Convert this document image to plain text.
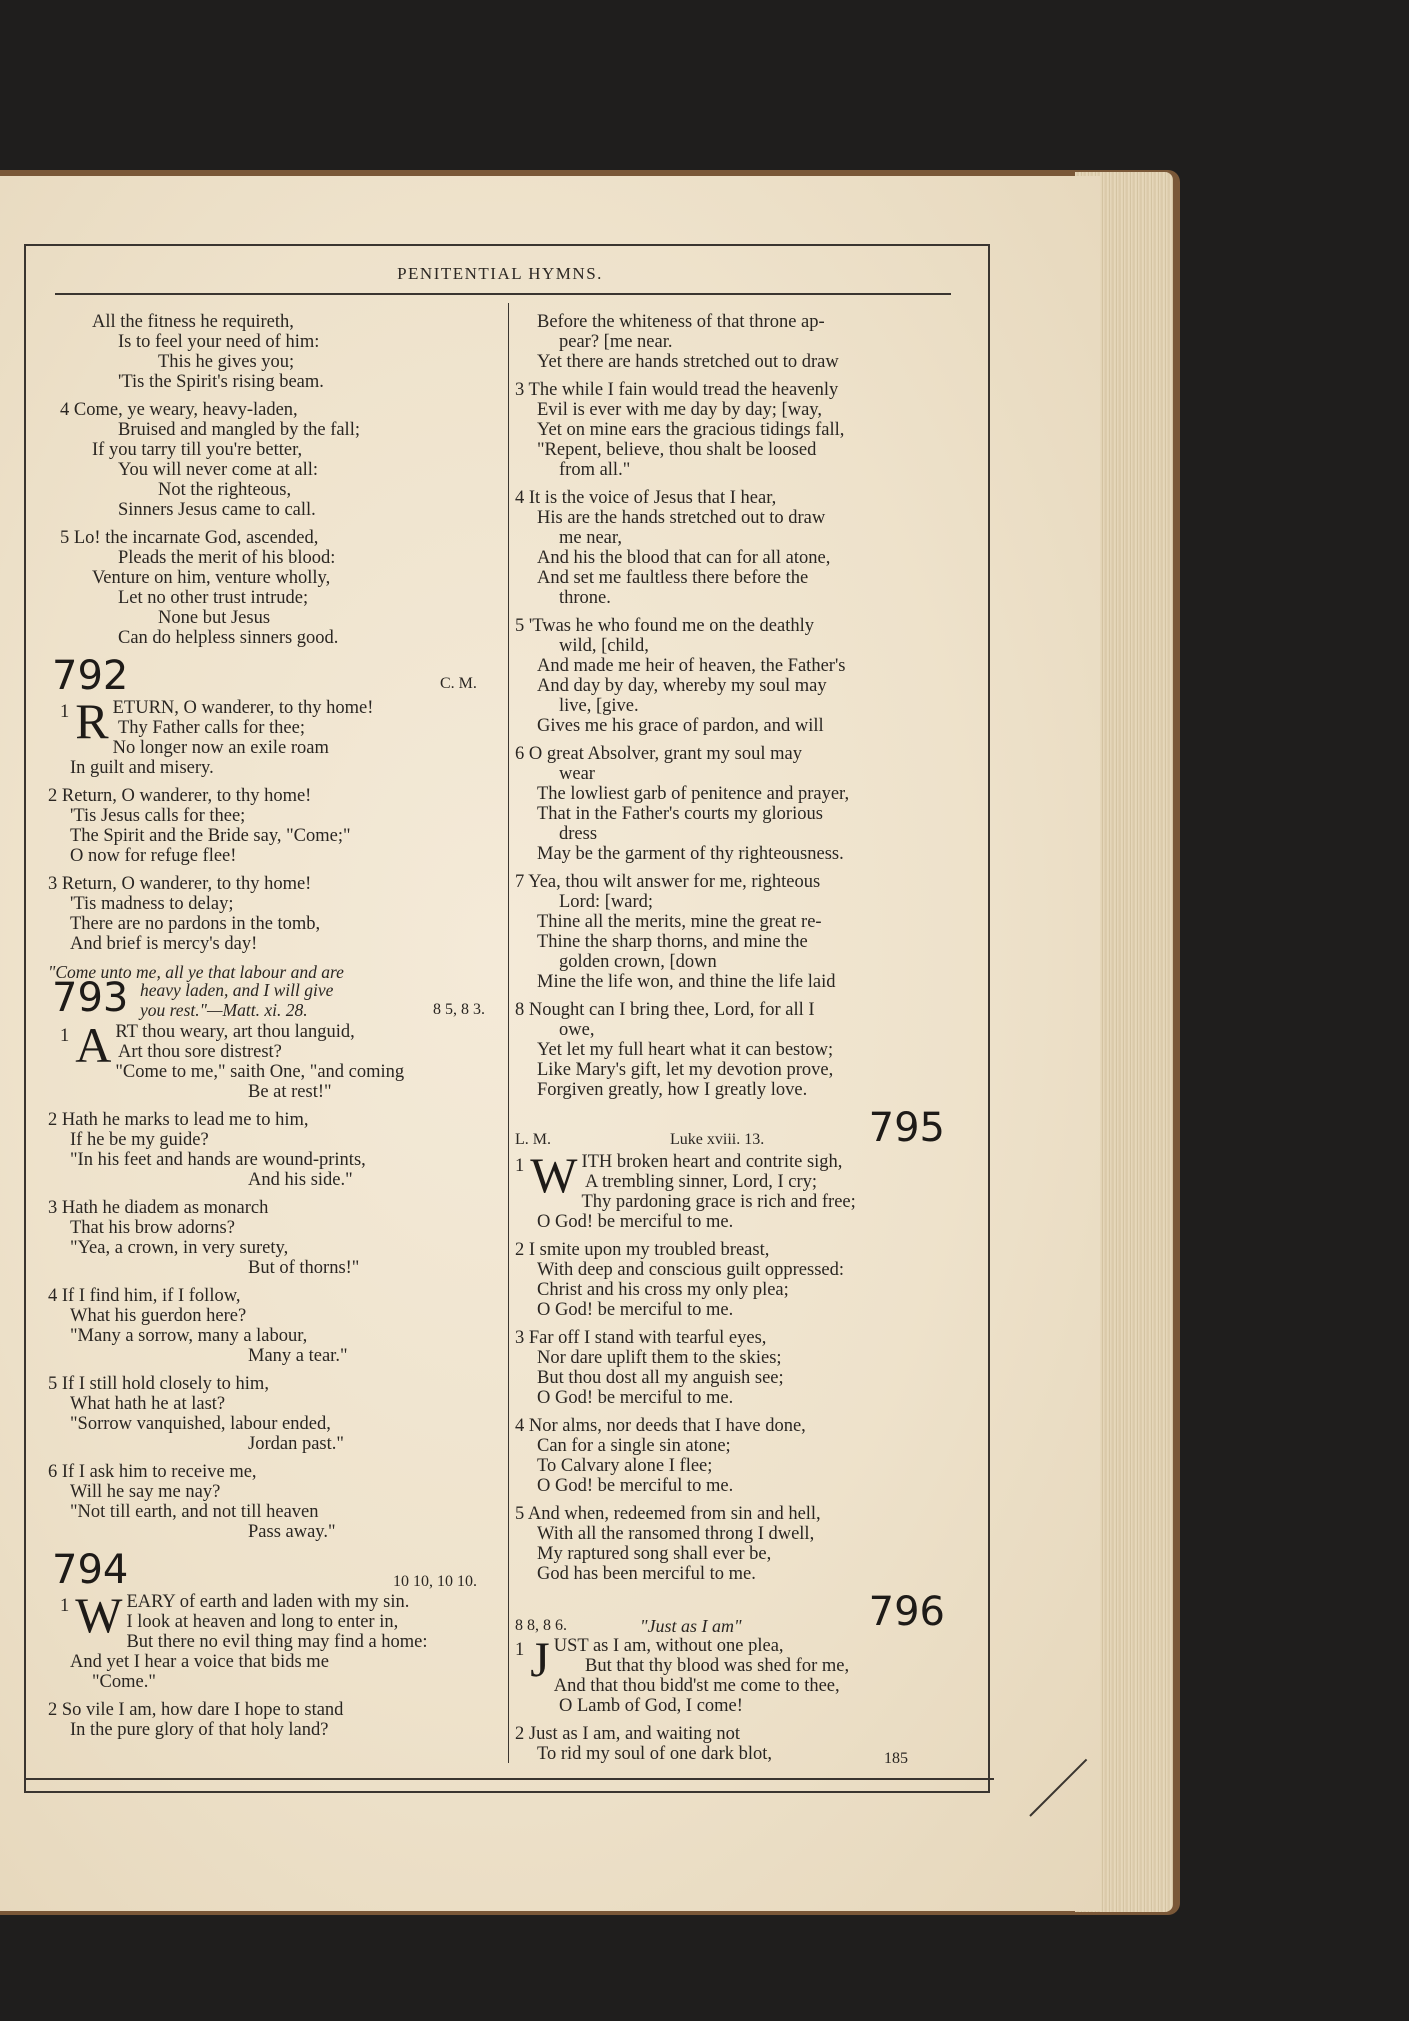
PENITENTIAL HYMNS.
All the fitness he requireth,
Is to feel your need of him:
This he gives you;
'Tis the Spirit's rising beam.
4 Come, ye weary, heavy-laden,
Bruised and mangled by the fall;
If you tarry till you're better,
You will never come at all:
Not the righteous,
Sinners Jesus came to call.
5 Lo! the incarnate God, ascended,
Pleads the merit of his blood:
Venture on him, venture wholly,
Let no other trust intrude;
None but Jesus
Can do helpless sinners good.
792	C. M.
1 R ETURN, O wanderer, to thy home!
Thy Father calls for thee;
No longer now an exile roam
In guilt and misery.
2 Return, O wanderer, to thy home!
'Tis Jesus calls for thee;
The Spirit and the Bride say, "Come;"
O now for refuge flee!
3 Return, O wanderer, to thy home!
'Tis madness to delay;
There are no pardons in the tomb,
And brief is mercy's day!
"Come unto me, all ye that labour and are
793 heavy laden, and I will give
you rest."—Matt. xi. 28.	8 5, 8 3.
1 A RT thou weary, art thou languid,
Art thou sore distrest?
"Come to me," saith One, "and coming
Be at rest!"
2 Hath he marks to lead me to him,
If he be my guide?
"In his feet and hands are wound-prints,
And his side."
3 Hath he diadem as monarch
That his brow adorns?
"Yea, a crown, in very surety,
But of thorns!"
4 If I find him, if I follow,
What his guerdon here?
"Many a sorrow, many a labour,
Many a tear."
5 If I still hold closely to him,
What hath he at last?
"Sorrow vanquished, labour ended,
Jordan past."
6 If I ask him to receive me,
Will he say me nay?
"Not till earth, and not till heaven
Pass away."
794	10 10, 10 10.
1 W EARY of earth and laden with my sin.
I look at heaven and long to enter in,
But there no evil thing may find a home:
And yet I hear a voice that bids me
"Come."
2 So vile I am, how dare I hope to stand
In the pure glory of that holy land?
Before the whiteness of that throne ap-
pear? [me near.
Yet there are hands stretched out to draw
3 The while I fain would tread the heavenly
Evil is ever with me day by day; [way,
Yet on mine ears the gracious tidings fall,
"Repent, believe, thou shalt be loosed
from all."
4 It is the voice of Jesus that I hear,
His are the hands stretched out to draw
me near,
And his the blood that can for all atone,
And set me faultless there before the
throne.
5 'Twas he who found me on the deathly
wild, [child,
And made me heir of heaven, the Father's
And day by day, whereby my soul may
live, [give.
Gives me his grace of pardon, and will
6 O great Absolver, grant my soul may
wear
The lowliest garb of penitence and prayer,
That in the Father's courts my glorious
dress
May be the garment of thy righteousness.
7 Yea, thou wilt answer for me, righteous
Lord: [ward;
Thine all the merits, mine the great re-
Thine the sharp thorns, and mine the
golden crown, [down
Mine the life won, and thine the life laid
8 Nought can I bring thee, Lord, for all I
owe,
Yet let my full heart what it can bestow;
Like Mary's gift, let my devotion prove,
Forgiven greatly, how I greatly love.
L. M.	Luke xviii. 13.	795
1 W ITH broken heart and contrite sigh,
A trembling sinner, Lord, I cry;
Thy pardoning grace is rich and free;
O God! be merciful to me.
2 I smite upon my troubled breast,
With deep and conscious guilt oppressed:
Christ and his cross my only plea;
O God! be merciful to me.
3 Far off I stand with tearful eyes,
Nor dare uplift them to the skies;
But thou dost all my anguish see;
O God! be merciful to me.
4 Nor alms, nor deeds that I have done,
Can for a single sin atone;
To Calvary alone I flee;
O God! be merciful to me.
5 And when, redeemed from sin and hell,
With all the ransomed throng I dwell,
My raptured song shall ever be,
God has been merciful to me.
8 8, 8 6.	"Just as I am"	796
1 J UST as I am, without one plea,
But that thy blood was shed for me,
And that thou bidd'st me come to thee,
O Lamb of God, I come!
2 Just as I am, and waiting not
To rid my soul of one dark blot,	185
